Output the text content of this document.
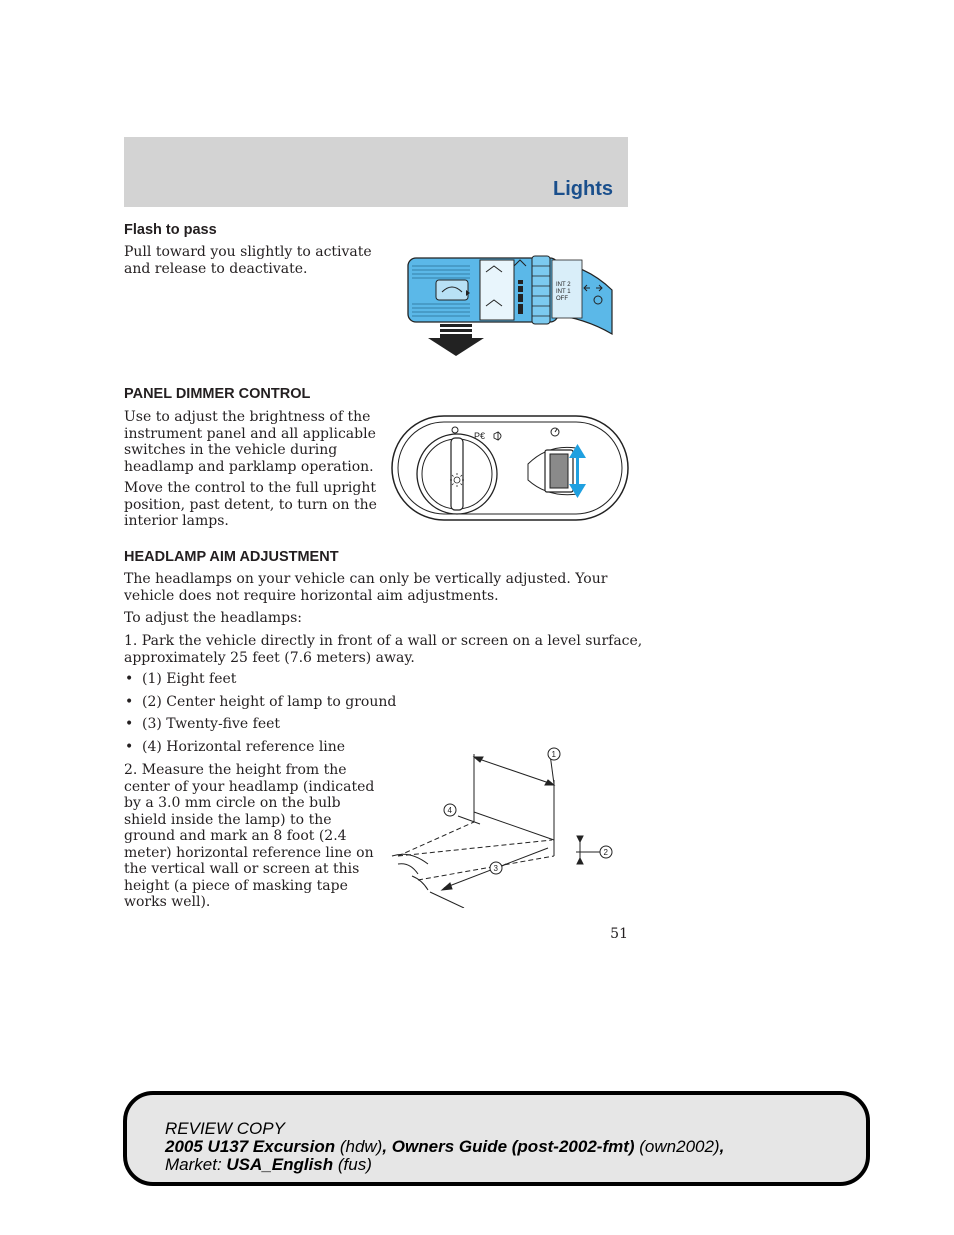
Lights
Flash to pass

Pull toward you slightly to activate
and release to deactivate.

INT 2
INT 1
OFF
PANEL DIMMER CONTROL

Use to adjust the brightness of the
instrument panel and all applicable
switches in the vehicle during
headlamp and parklamp operation.

Move the control to the full upright
position, past detent, to turn on the
interior lamps.

P€
HEADLAMP AIM ADJUSTMENT

The headlamps on your vehicle can only be vertically adjusted. Your
vehicle does not require horizontal aim adjustments.

To adjust the headlamps:

1. Park the vehicle directly in front of a wall or screen on a level surface,
approximately 25 feet (7.6 meters) away.

• (1) Eight feet
• (2) Center height of lamp to ground
• (3) Twenty-five feet
• (4) Horizontal reference line

2. Measure the height from the
center of your headlamp (indicated
by a 3.0 mm circle on the bulb
shield inside the lamp) to the
ground and mark an 8 foot (2.4
meter) horizontal reference line on
the vertical wall or screen at this
height (a piece of masking tape
works well).

1
2
3
4
51
REVIEW COPY
2005 U137 Excursion (hdw), Owners Guide (post-2002-fmt) (own2002),
Market: USA_English (fus)
